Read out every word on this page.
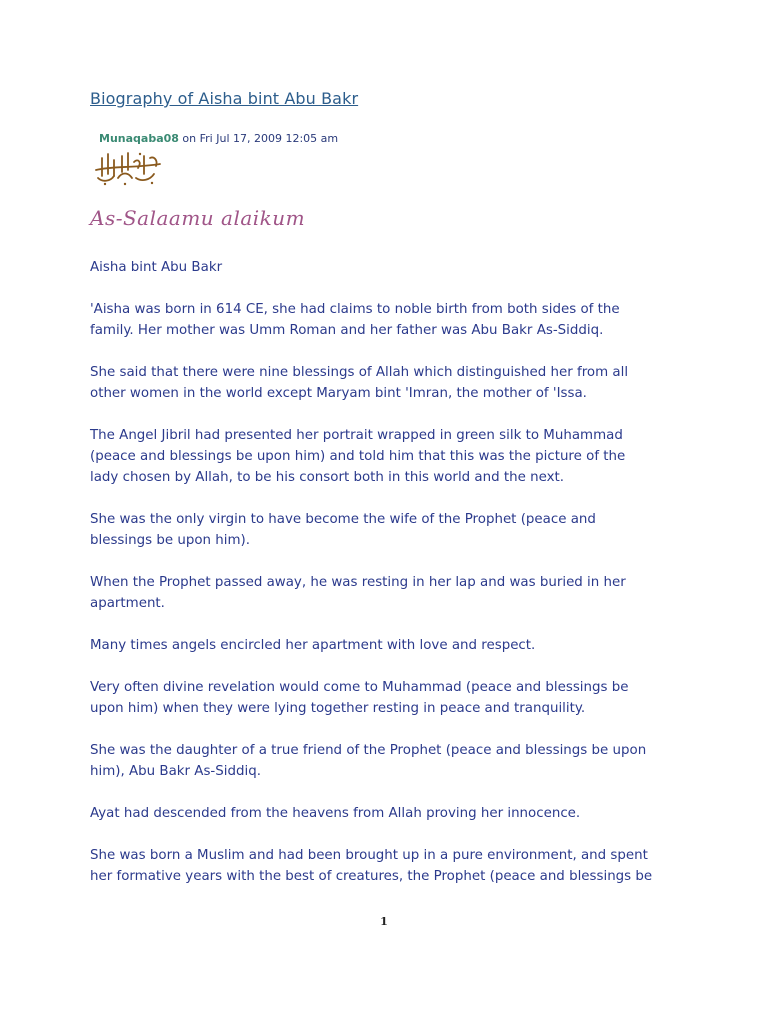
Biography of Aisha bint Abu Bakr
Munaqaba08 on Fri Jul 17, 2009 12:05 am
As-Salaamu alaikum

Aisha bint Abu Bakr

'Aisha was born in 614 CE, she had claims to noble birth from both sides of the
family. Her mother was Umm Roman and her father was Abu Bakr As-Siddiq.

She said that there were nine blessings of Allah which distinguished her from all
other women in the world except Maryam bint 'Imran, the mother of 'Issa.

The Angel Jibril had presented her portrait wrapped in green silk to Muhammad
(peace and blessings be upon him) and told him that this was the picture of the
lady chosen by Allah, to be his consort both in this world and the next.

She was the only virgin to have become the wife of the Prophet (peace and
blessings be upon him).

When the Prophet passed away, he was resting in her lap and was buried in her
apartment.

Many times angels encircled her apartment with love and respect.

Very often divine revelation would come to Muhammad (peace and blessings be
upon him) when they were lying together resting in peace and tranquility.

She was the daughter of a true friend of the Prophet (peace and blessings be upon
him), Abu Bakr As-Siddiq.

Ayat had descended from the heavens from Allah proving her innocence.

She was born a Muslim and had been brought up in a pure environment, and spent
her formative years with the best of creatures, the Prophet (peace and blessings be

1
